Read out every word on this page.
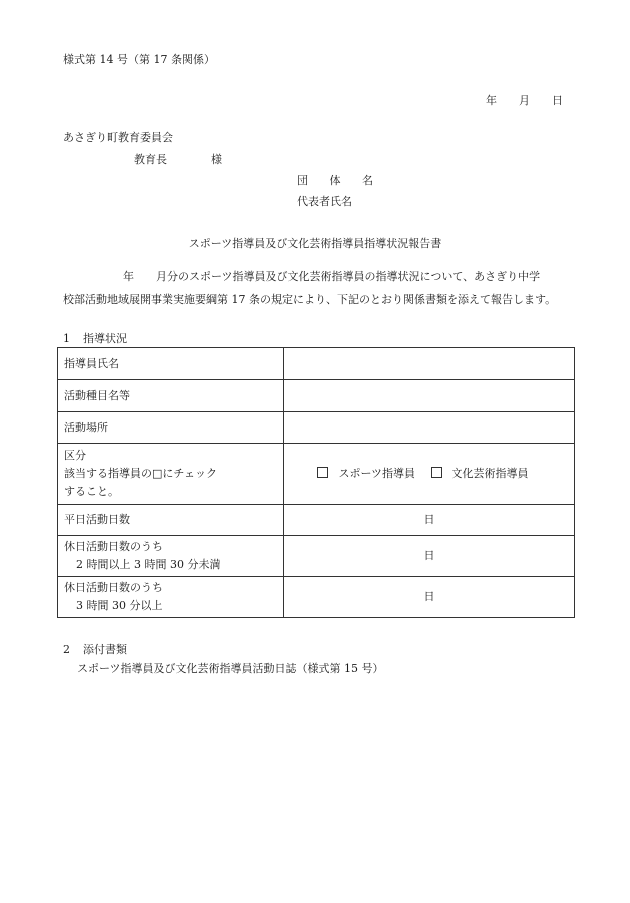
様式第 14 号（第 17 条関係）
年 月 日
あさぎり町教育委員会
教育長	様
団 体 名
代表者氏名
スポーツ指導員及び文化芸術指導員指導状況報告書
年 月分のスポーツ指導員及び文化芸術指導員の指導状況について、あさぎり中学
校部活動地域展開事業実施要綱第 17 条の規定により、下記のとおり関係書類を添えて報告します。
1 指導状況
指導員氏名	
活動種目名等	
活動場所	

区分
該当する指導員の□にチェック
すること。	スポーツ指導員 文化芸術指導員
平日活動日数	日

休日活動日数のうち
2 時間以上 3 時間 30 分未満	日

休日活動日数のうち
3 時間 30 分以上	日
2 添付書類
スポーツ指導員及び文化芸術指導員活動日誌（様式第 15 号）
